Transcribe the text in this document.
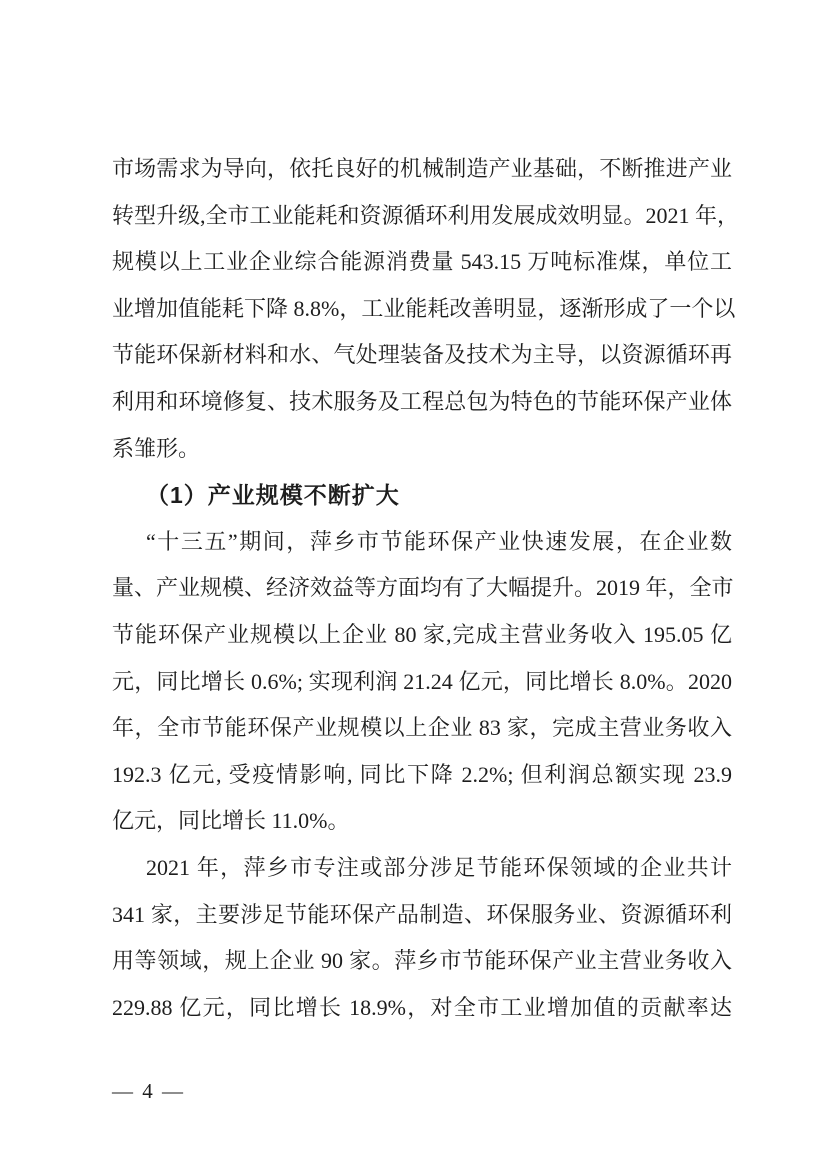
市场需求为导向，依托良好的机械制造产业基础，不断推进产业
转型升级,全市工业能耗和资源循环利用发展成效明显。2021 年，
规模以上工业企业综合能源消费量 543.15 万吨标准煤，单位工
业增加值能耗下降 8.8%，工业能耗改善明显，逐渐形成了一个以
节能环保新材料和水、气处理装备及技术为主导，以资源循环再
利用和环境修复、技术服务及工程总包为特色的节能环保产业体
系雏形。
（1）产业规模不断扩大
“十三五”期间，萍乡市节能环保产业快速发展，在企业数
量、产业规模、经济效益等方面均有了大幅提升。2019 年，全市
节能环保产业规模以上企业 80 家,完成主营业务收入 195.05 亿
元，同比增长 0.6%; 实现利润 21.24 亿元，同比增长 8.0%。2020
年，全市节能环保产业规模以上企业 83 家，完成主营业务收入
192.3 亿元, 受疫情影响, 同比下降 2.2%; 但利润总额实现 23.9
亿元，同比增长 11.0%。
2021 年，萍乡市专注或部分涉足节能环保领域的企业共计
341 家，主要涉足节能环保产品制造、环保服务业、资源循环利
用等领域，规上企业 90 家。萍乡市节能环保产业主营业务收入
229.88 亿元，同比增长 18.9%，对全市工业增加值的贡献率达
— 4 —
